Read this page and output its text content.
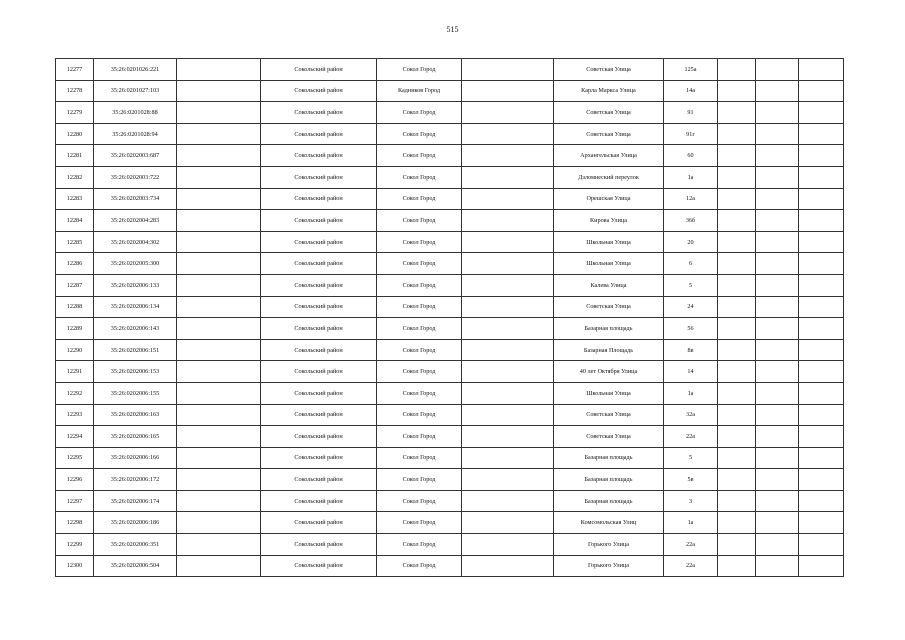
515
12277	35:26:0201026:221		Сокольский район	Сокол Город		Советская Улица	125а			
12278	35:26:0201027:103		Сокольский район	Кадников Город		Карла Маркса Улица	14а			
12279	35:26:0201028:88		Сокольский район	Сокол Город		Советская Улица	91			
12280	35:26:0201028:94		Сокольский район	Сокол Город		Советская Улица	91г			
12281	35:26:0202003:687		Сокольский район	Сокол Город		Архангельская Улица	60			
12282	35:26:0202003:722		Сокольский район	Сокол Город		Дзломнеский переулок	1а			
12283	35:26:0202003:734		Сокольский район	Сокол Город		Орешская Улица	12а			
12284	35:26:0202004:283		Сокольский район	Сокол Город		Кирова Улица	36б			
12285	35:26:0202004:302		Сокольский район	Сокол Город		Школьная Улица	20			
12286	35:26:0202005:300		Сокольский район	Сокол Город		Школьная Улица	6			
12287	35:26:0202006:133		Сокольский район	Сокол Город		Калева Улица	5			
12288	35:26:0202006:134		Сокольский район	Сокол Город		Советская Улица	24			
12289	35:26:0202006:143		Сокольский район	Сокол Город		Базарная площадь	56			
12290	35:26:0202006:151		Сокольский район	Сокол Город		Базарная Площадь	8в			
12291	35:26:0202006:153		Сокольский район	Сокол Город		40 лет Октября Улица	14			
12292	35:26:0202006:155		Сокольский район	Сокол Город		Школьная Улица	1а			
12293	35:26:0202006:163		Сокольский район	Сокол Город		Советская Улица	32а			
12294	35:26:0202006:165		Сокольский район	Сокол Город		Советская Улица	22а			
12295	35:26:0202006:166		Сокольский район	Сокол Город		Базарная площадь	5			
12296	35:26:0202006:172		Сокольский район	Сокол Город		Базарная площадь	5в			
12297	35:26:0202006:174		Сокольский район	Сокол Город		Базарная площадь	3			
12298	35:26:0202006:186		Сокольский район	Сокол Город		Комсомольская Улиц	1а			
12299	35:26:0202006:351		Сокольский район	Сокол Город		Горького Улица	22а			
12300	35:26:0202006:504		Сокольский район	Сокол Город		Горького Улица	22а			
